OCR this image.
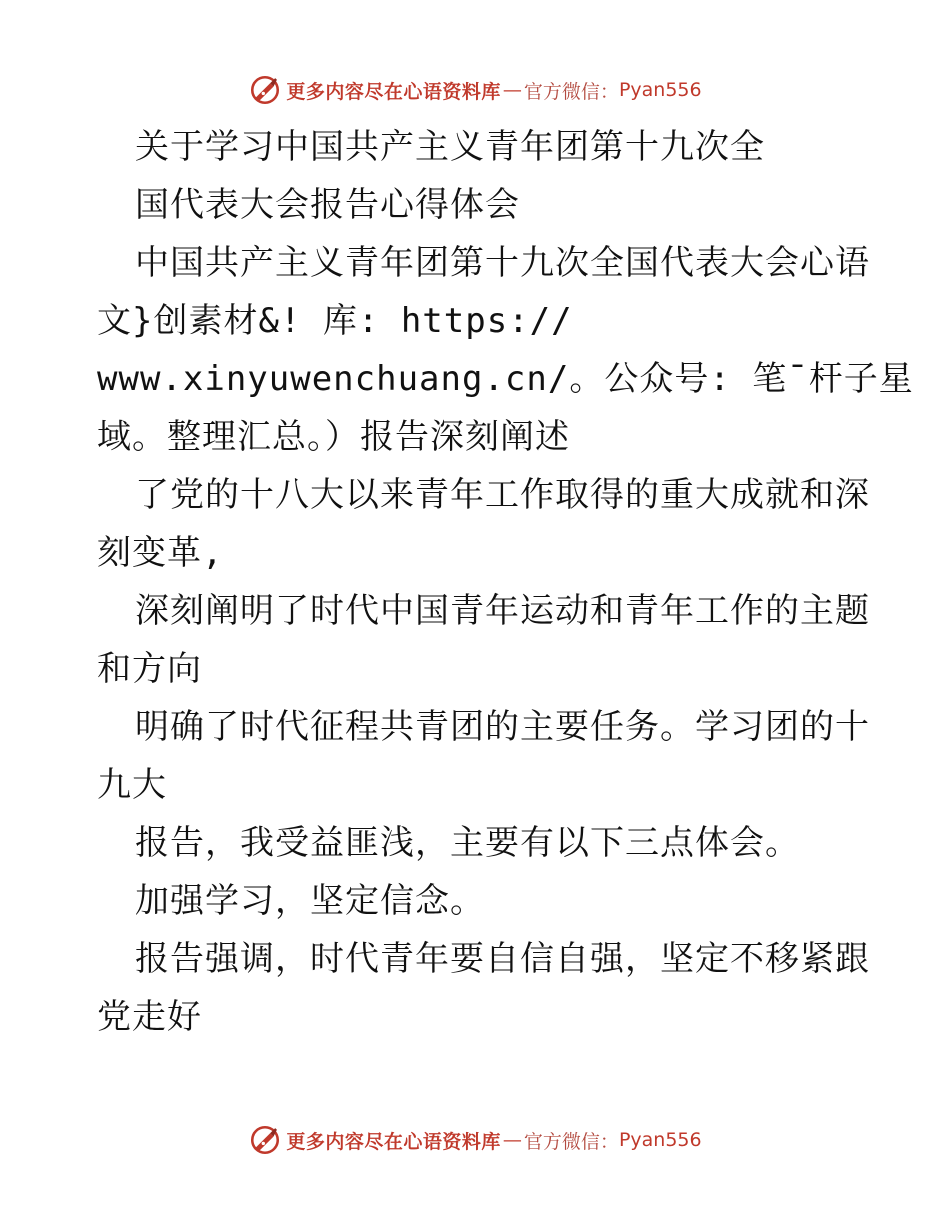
更多内容尽在心语资料库 — 官方微信： Pyan556
关于学习中国共产主义青年团第十九次全
国代表大会报告心得体会
中国共产主义青年团第十九次全国代表大会心语
文}创素材&! 库: https://
www.xinyuwenchuang.cn/。公众号: 笔¯杆子星
域。整理汇总。）报告深刻阐述
了党的十八大以来青年工作取得的重大成就和深
刻变革,
深刻阐明了时代中国青年运动和青年工作的主题
和方向
明确了时代征程共青团的主要任务。学习团的十
九大
报告，我受益匪浅，主要有以下三点体会。
加强学习，坚定信念。
报告强调，时代青年要自信自强，坚定不移紧跟
党走好
更多内容尽在心语资料库 — 官方微信： Pyan556
